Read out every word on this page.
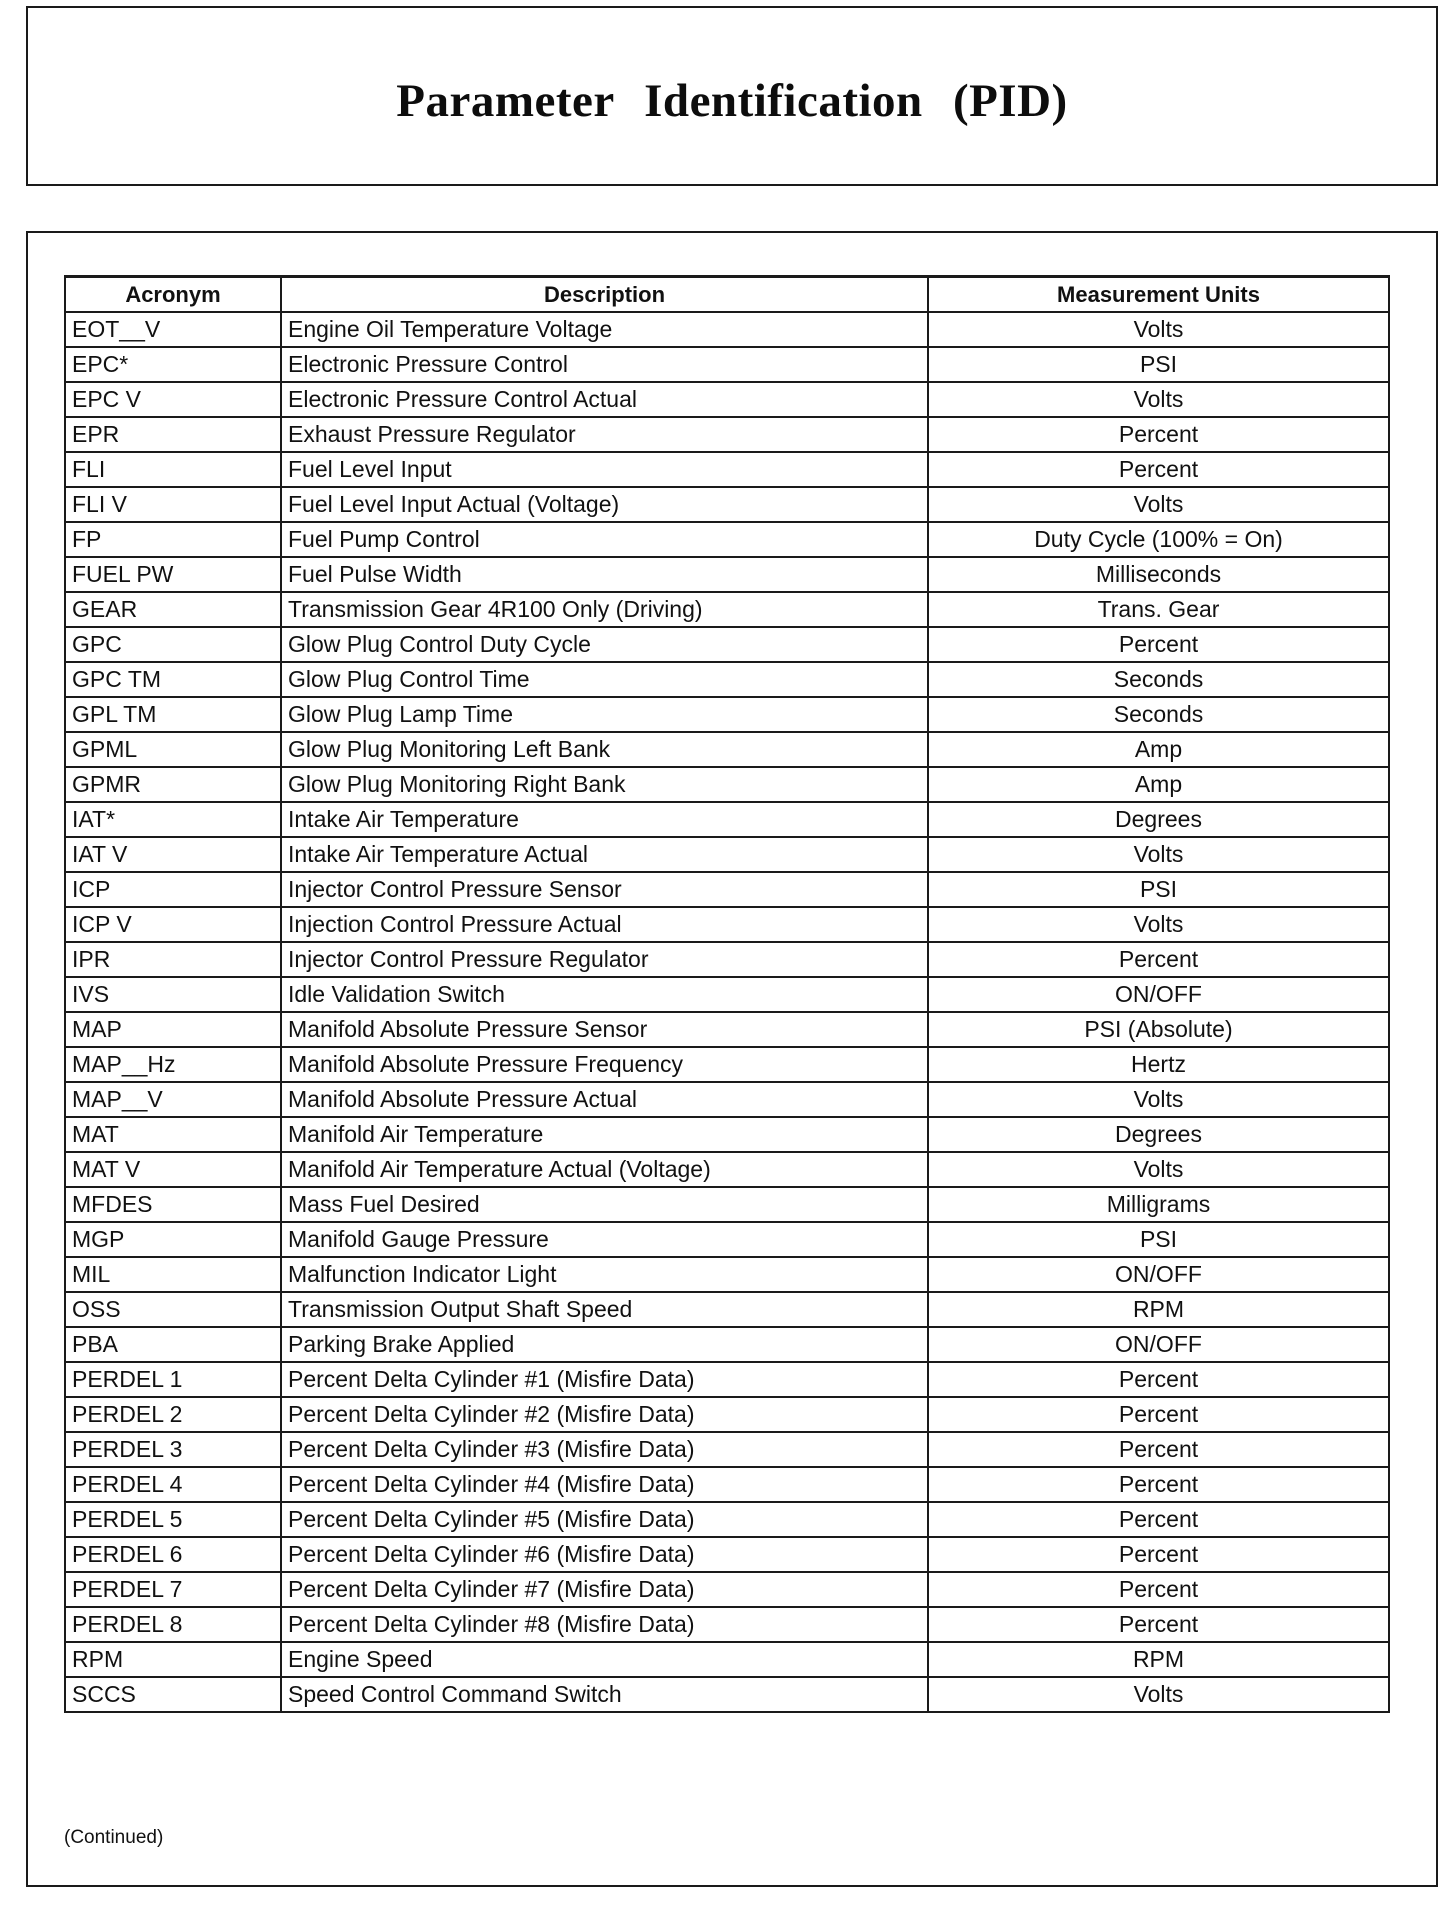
Parameter Identification (PID)
Acronym	Description	Measurement Units
EOT__V	Engine Oil Temperature Voltage	Volts
EPC*	Electronic Pressure Control	PSI
EPC V	Electronic Pressure Control Actual	Volts
EPR	Exhaust Pressure Regulator	Percent
FLI	Fuel Level Input	Percent
FLI V	Fuel Level Input Actual (Voltage)	Volts
FP	Fuel Pump Control	Duty Cycle (100% = On)
FUEL PW	Fuel Pulse Width	Milliseconds
GEAR	Transmission Gear 4R100 Only (Driving)	Trans. Gear
GPC	Glow Plug Control Duty Cycle	Percent
GPC TM	Glow Plug Control Time	Seconds
GPL TM	Glow Plug Lamp Time	Seconds
GPML	Glow Plug Monitoring Left Bank	Amp
GPMR	Glow Plug Monitoring Right Bank	Amp
IAT*	Intake Air Temperature	Degrees
IAT V	Intake Air Temperature Actual	Volts
ICP	Injector Control Pressure Sensor	PSI
ICP V	Injection Control Pressure Actual	Volts
IPR	Injector Control Pressure Regulator	Percent
IVS	Idle Validation Switch	ON/OFF
MAP	Manifold Absolute Pressure Sensor	PSI (Absolute)
MAP__Hz	Manifold Absolute Pressure Frequency	Hertz
MAP__V	Manifold Absolute Pressure Actual	Volts
MAT	Manifold Air Temperature	Degrees
MAT V	Manifold Air Temperature Actual (Voltage)	Volts
MFDES	Mass Fuel Desired	Milligrams
MGP	Manifold Gauge Pressure	PSI
MIL	Malfunction Indicator Light	ON/OFF
OSS	Transmission Output Shaft Speed	RPM
PBA	Parking Brake Applied	ON/OFF
PERDEL 1	Percent Delta Cylinder #1 (Misfire Data)	Percent
PERDEL 2	Percent Delta Cylinder #2 (Misfire Data)	Percent
PERDEL 3	Percent Delta Cylinder #3 (Misfire Data)	Percent
PERDEL 4	Percent Delta Cylinder #4 (Misfire Data)	Percent
PERDEL 5	Percent Delta Cylinder #5 (Misfire Data)	Percent
PERDEL 6	Percent Delta Cylinder #6 (Misfire Data)	Percent
PERDEL 7	Percent Delta Cylinder #7 (Misfire Data)	Percent
PERDEL 8	Percent Delta Cylinder #8 (Misfire Data)	Percent
RPM	Engine Speed	RPM
SCCS	Speed Control Command Switch	Volts
(Continued)
